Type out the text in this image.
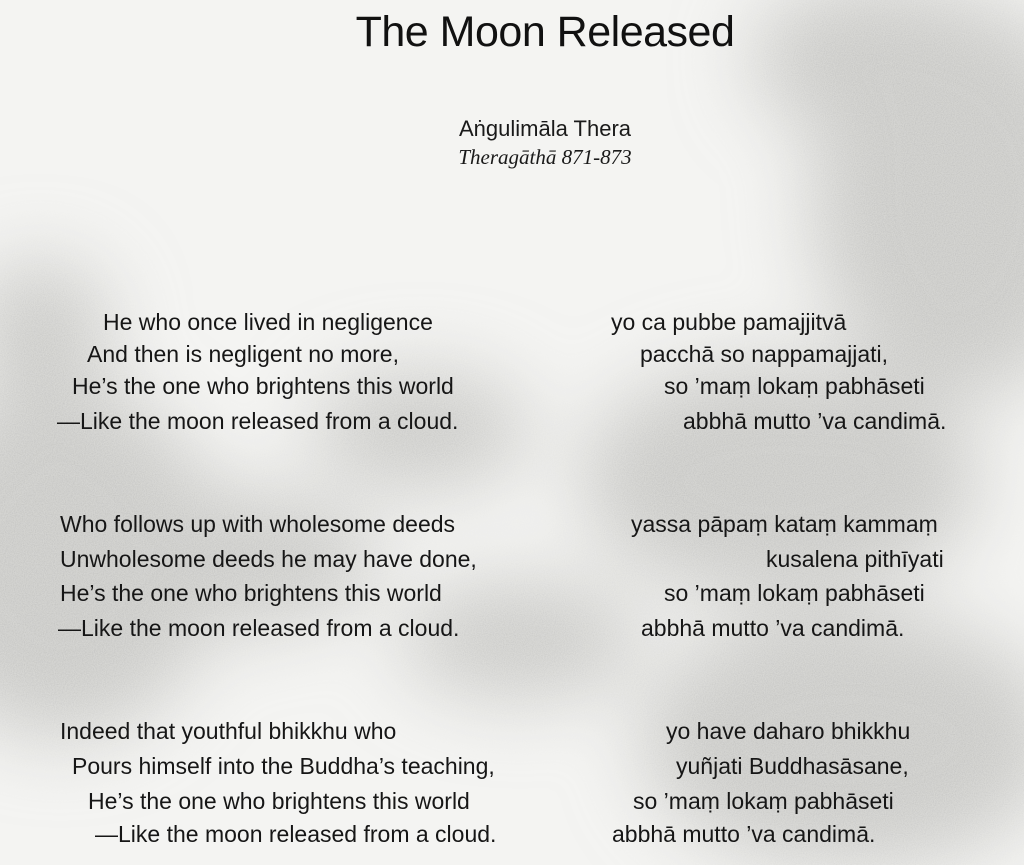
The Moon Released
Aṅgulimāla Thera
Theragāthā 871-873
He who once lived in negligence
And then is negligent no more,
He’s the one who brightens this world
—Like the moon released from a cloud.
yo ca pubbe pamajjitvā
pacchā so nappamajjati,
so ’maṃ lokaṃ pabhāseti
abbhā mutto ’va candimā.
Who follows up with wholesome deeds
Unwholesome deeds he may have done,
He’s the one who brightens this world
—Like the moon released from a cloud.
yassa pāpaṃ kataṃ kammaṃ
kusalena pithīyati
so ’maṃ lokaṃ pabhāseti
abbhā mutto ’va candimā.
Indeed that youthful bhikkhu who
Pours himself into the Buddha’s teaching,
He’s the one who brightens this world
—Like the moon released from a cloud.
yo have daharo bhikkhu
yuñjati Buddhasāsane,
so ’maṃ lokaṃ pabhāseti
abbhā mutto ’va candimā.
